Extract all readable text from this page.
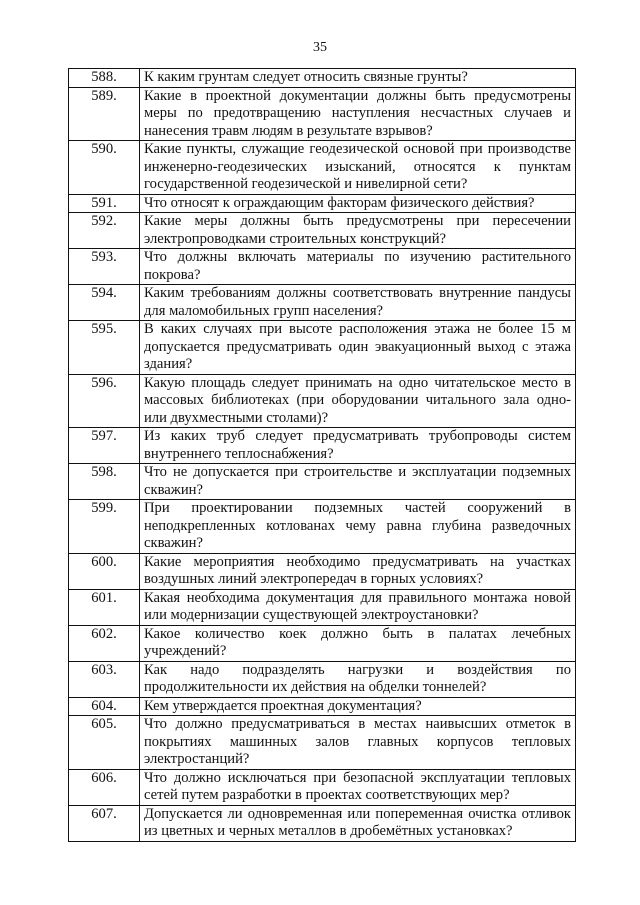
35
588.	К каким грунтам следует относить связные грунты?
589.	Какие в проектной документации должны быть предусмотрены меры по предотвращению наступления несчастных случаев и нанесения травм людям в результате взрывов?
590.	Какие пункты, служащие геодезической основой при производстве инженерно-геодезических изысканий, относятся к пунктам государственной геодезической и нивелирной сети?
591.	Что относят к ограждающим факторам физического действия?
592.	Какие меры должны быть предусмотрены при пересечении электропроводками строительных конструкций?
593.	Что должны включать материалы по изучению растительного покрова?
594.	Каким требованиям должны соответствовать внутренние пандусы для маломобильных групп населения?
595.	В каких случаях при высоте расположения этажа не более 15 м допускается предусматривать один эвакуационный выход с этажа здания?
596.	Какую площадь следует принимать на одно читательское место в массовых библиотеках (при оборудовании читального зала одно- или двухместными столами)?
597.	Из каких труб следует предусматривать трубопроводы систем внутреннего теплоснабжения?
598.	Что не допускается при строительстве и эксплуатации подземных скважин?
599.	При проектировании подземных частей сооружений в неподкрепленных котлованах чему равна глубина разведочных скважин?
600.	Какие мероприятия необходимо предусматривать на участках воздушных линий электропередач в горных условиях?
601.	Какая необходима документация для правильного монтажа новой или модернизации существующей электроустановки?
602.	Какое количество коек должно быть в палатах лечебных учреждений?
603.	Как надо подразделять нагрузки и воздействия по продолжительности их действия на обделки тоннелей?
604.	Кем утверждается проектная документация?
605.	Что должно предусматриваться в местах наивысших отметок в покрытиях машинных залов главных корпусов тепловых электростанций?
606.	Что должно исключаться при безопасной эксплуатации тепловых сетей путем разработки в проектах соответствующих мер?
607.	Допускается ли одновременная или попеременная очистка отливок из цветных и черных металлов в дробемётных установках?
